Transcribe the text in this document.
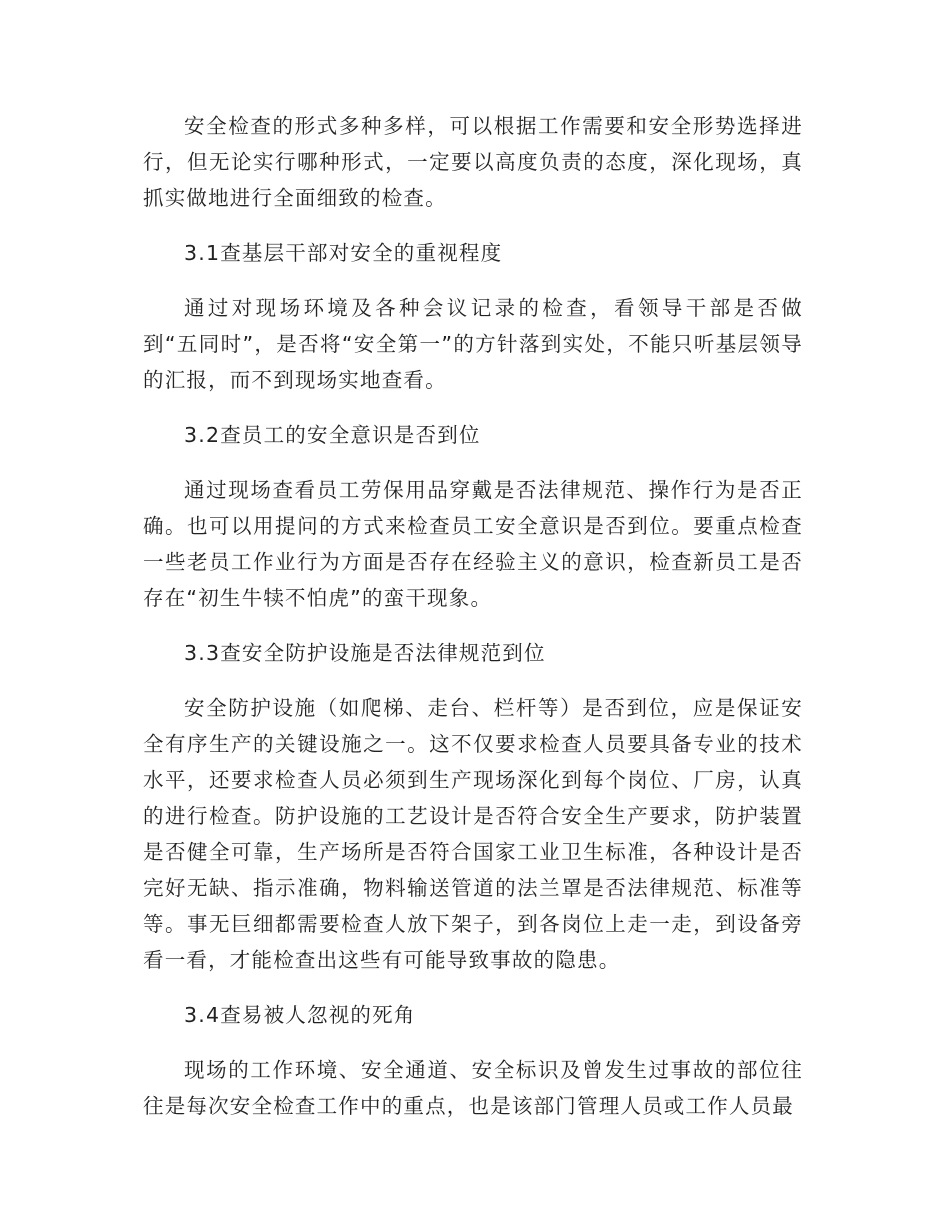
安全检查的形式多种多样，可以根据工作需要和安全形势选择进行，但无论实行哪种形式，一定要以高度负责的态度，深化现场，真抓实做地进行全面细致的检查。

3.1查基层干部对安全的重视程度

通过对现场环境及各种会议记录的检查，看领导干部是否做到“五同时”，是否将“安全第一”的方针落到实处，不能只听基层领导的汇报，而不到现场实地查看。

3.2查员工的安全意识是否到位

通过现场查看员工劳保用品穿戴是否法律规范、操作行为是否正确。也可以用提问的方式来检查员工安全意识是否到位。要重点检查一些老员工作业行为方面是否存在经验主义的意识，检查新员工是否存在“初生牛犊不怕虎”的蛮干现象。

3.3查安全防护设施是否法律规范到位

安全防护设施（如爬梯、走台、栏杆等）是否到位，应是保证安全有序生产的关键设施之一。这不仅要求检查人员要具备专业的技术水平，还要求检查人员必须到生产现场深化到每个岗位、厂房，认真的进行检查。防护设施的工艺设计是否符合安全生产要求，防护装置是否健全可靠，生产场所是否符合国家工业卫生标准，各种设计是否完好无缺、指示准确，物料输送管道的法兰罩是否法律规范、标准等等。事无巨细都需要检查人放下架子，到各岗位上走一走，到设备旁看一看，才能检查出这些有可能导致事故的隐患。

3.4查易被人忽视的死角

现场的工作环境、安全通道、安全标识及曾发生过事故的部位往往是每次安全检查工作中的重点，也是该部门管理人员或工作人员最
